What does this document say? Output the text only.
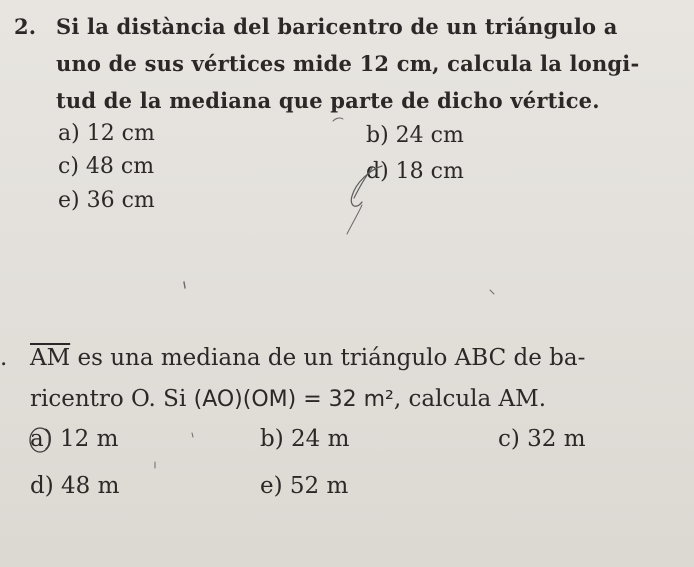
2. Si la distància del baricentro de un triángulo a
uno de sus vértices mide 12 cm, calcula la longi-
tud de la mediana que parte de dicho vértice.
a) 12 cm	b) 24 cm
c) 48 cm	d) 18 cm
e) 36 cm
. $\overline{AM}$ es una mediana de un triángulo ABC de ba-
ricentro O. Si (AO)(OM) = 32 m², calcula AM.
a) 12 m	b) 24 m	c) 32 m
d) 48 m	e) 52 m
